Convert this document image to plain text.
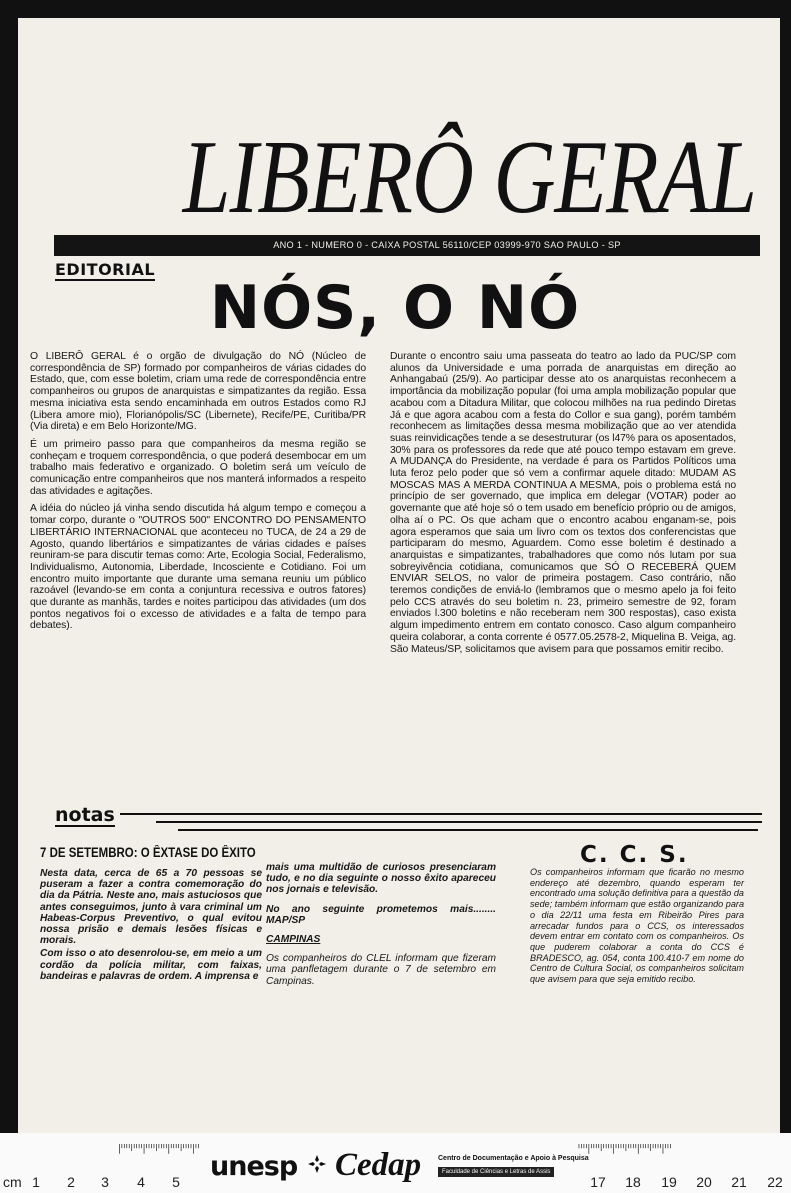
LIBERÔ GERAL
ANO 1 - NUMERO 0 - CAIXA POSTAL 56110/CEP 03999-970 SAO PAULO - SP
EDITORIAL
NÓS, O NÓ

O LIBERÔ GERAL é o orgão de divulgação do NÓ (Núcleo de correspondência de SP) formado por companheiros de várias cidades do Estado, que, com esse boletim, criam uma rede de correspondência entre companheiros ou grupos de anarquistas e simpatizantes da região. Essa mesma iniciativa esta sendo encaminhada em outros Estados como RJ (Libera amore mio), Florianópolis/SC (Libernete), Recife/PE, Curitiba/PR (Via direta) e em Belo Horizonte/MG.

É um primeiro passo para que companheiros da mesma região se conheçam e troquem correspondência, o que poderá desembocar em um trabalho mais federativo e organizado. O boletim será um veículo de comunicação entre companheiros que nos manterá informados a respeito das atividades e agitações.

A idéia do núcleo já vinha sendo discutida há algum tempo e começou a tomar corpo, durante o "OUTROS 500" ENCONTRO DO PENSAMENTO LIBERTÁRIO INTERNACIONAL que aconteceu no TUCA, de 24 a 29 de Agosto, quando libertários e simpatizantes de várias cidades e países reuniram-se para discutir temas como: Arte, Ecologia Social, Federalismo, Individualismo, Autonomia, Liberdade, Incosciente e Cotidiano. Foi um encontro muito importante que durante uma semana reuniu um público razoável (levando-se em conta a conjuntura recessiva e outros fatores) que durante as manhãs, tardes e noites participou das atividades (um dos pontos negativos foi o excesso de atividades e a falta de tempo para debates).

Durante o encontro saiu uma passeata do teatro ao lado da PUC/SP com alunos da Universidade e uma porrada de anarquistas em direção ao Anhangabaú (25/9). Ao participar desse ato os anarquistas reconhecem a importância da mobilização popular (foi uma ampla mobilização popular que acabou com a Ditadura Militar, que colocou milhões na rua pedindo Diretas Já e que agora acabou com a festa do Collor e sua gang), porém também reconhecem as limitações dessa mesma mobilização que ao ver atendida suas reinvidicações tende a se desestruturar (os l47% para os aposentados, 30% para os professores da rede que até pouco tempo estavam em greve. A MUDANÇA do Presidente, na verdade é para os Partidos Políticos uma luta feroz pelo poder que só vem a confirmar aquele ditado: MUDAM AS MOSCAS MAS A MERDA CONTINUA A MESMA, pois o problema está no princípio de ser governado, que implica em delegar (VOTAR) poder ao governante que até hoje só o tem usado em benefício próprio ou de amigos, olha aí o PC. Os que acham que o encontro acabou enganam-se, pois agora esperamos que saia um livro com os textos dos conferencistas que participaram do mesmo, Aguardem. Como esse boletim é destinado a anarquistas e simpatizantes, trabalhadores que como nós lutam por sua sobreyivência cotidiana, comunicamos que SÓ O RECEBERÁ QUEM ENVIAR SELOS, no valor de primeira postagem. Caso contrário, não teremos condições de enviá-lo (lembramos que o mesmo apelo ja foi feito pelo CCS através do seu boletim n. 23, primeiro semestre de 92, foram enviados l.300 boletins e não receberam nem 300 respostas), caso exista algum impedimento entrem em contato conosco. Caso algum companheiro queira colaborar, a conta corrente é 0577.05.2578-2, Miquelina B. Veiga, ag. São Mateus/SP, solicitamos que avisem para que possamos emitir recibo.

notas
7 DE SETEMBRO: O ÊXTASE DO ÊXITO

Nesta data, cerca de 65 a 70 pessoas se puseram a fazer a contra comemoração do dia da Pátria. Neste ano, mais astuciosos que antes conseguimos, junto à vara criminal um Habeas-Corpus Preventivo, o qual evitou nossa prisão e demais lesões físicas e morais.

Com isso o ato desenrolou-se, em meio a um cordão da polícia militar, com faixas, bandeiras e palavras de ordem. A imprensa e

mais uma multidão de curiosos presenciaram tudo, e no dia seguinte o nosso êxito apareceu nos jornais e televisão.

No ano seguinte prometemos mais........ MAP/SP

CAMPINAS

Os companheiros do CLEL informam que fizeram uma panfletagem durante o 7 de setembro em Campinas.

C. C. S.

Os companheiros informam que ficarão no mesmo endereço até dezembro, quando esperam ter encontrado uma solução definitiva para a questão da sede; também informam que estão organizando para o dia 22/11 uma festa em Ribeirão Pires para arrecadar fundos para o CCS, os interessados devem entrar em contato com os companheiros. Os que puderem colaborar a conta do CCS é BRADESCO, ag. 054, conta 100.410-7 em nome do Centro de Cultura Social, os companheiros solicitam que avisem para que seja emitido recibo.

cm 1 2 3 4 5	17 18 19 20 21 22
unesp Cedap Centro de Documentação e Apoio à Pesquisa
Faculdade de Ciências e Letras de Assis
